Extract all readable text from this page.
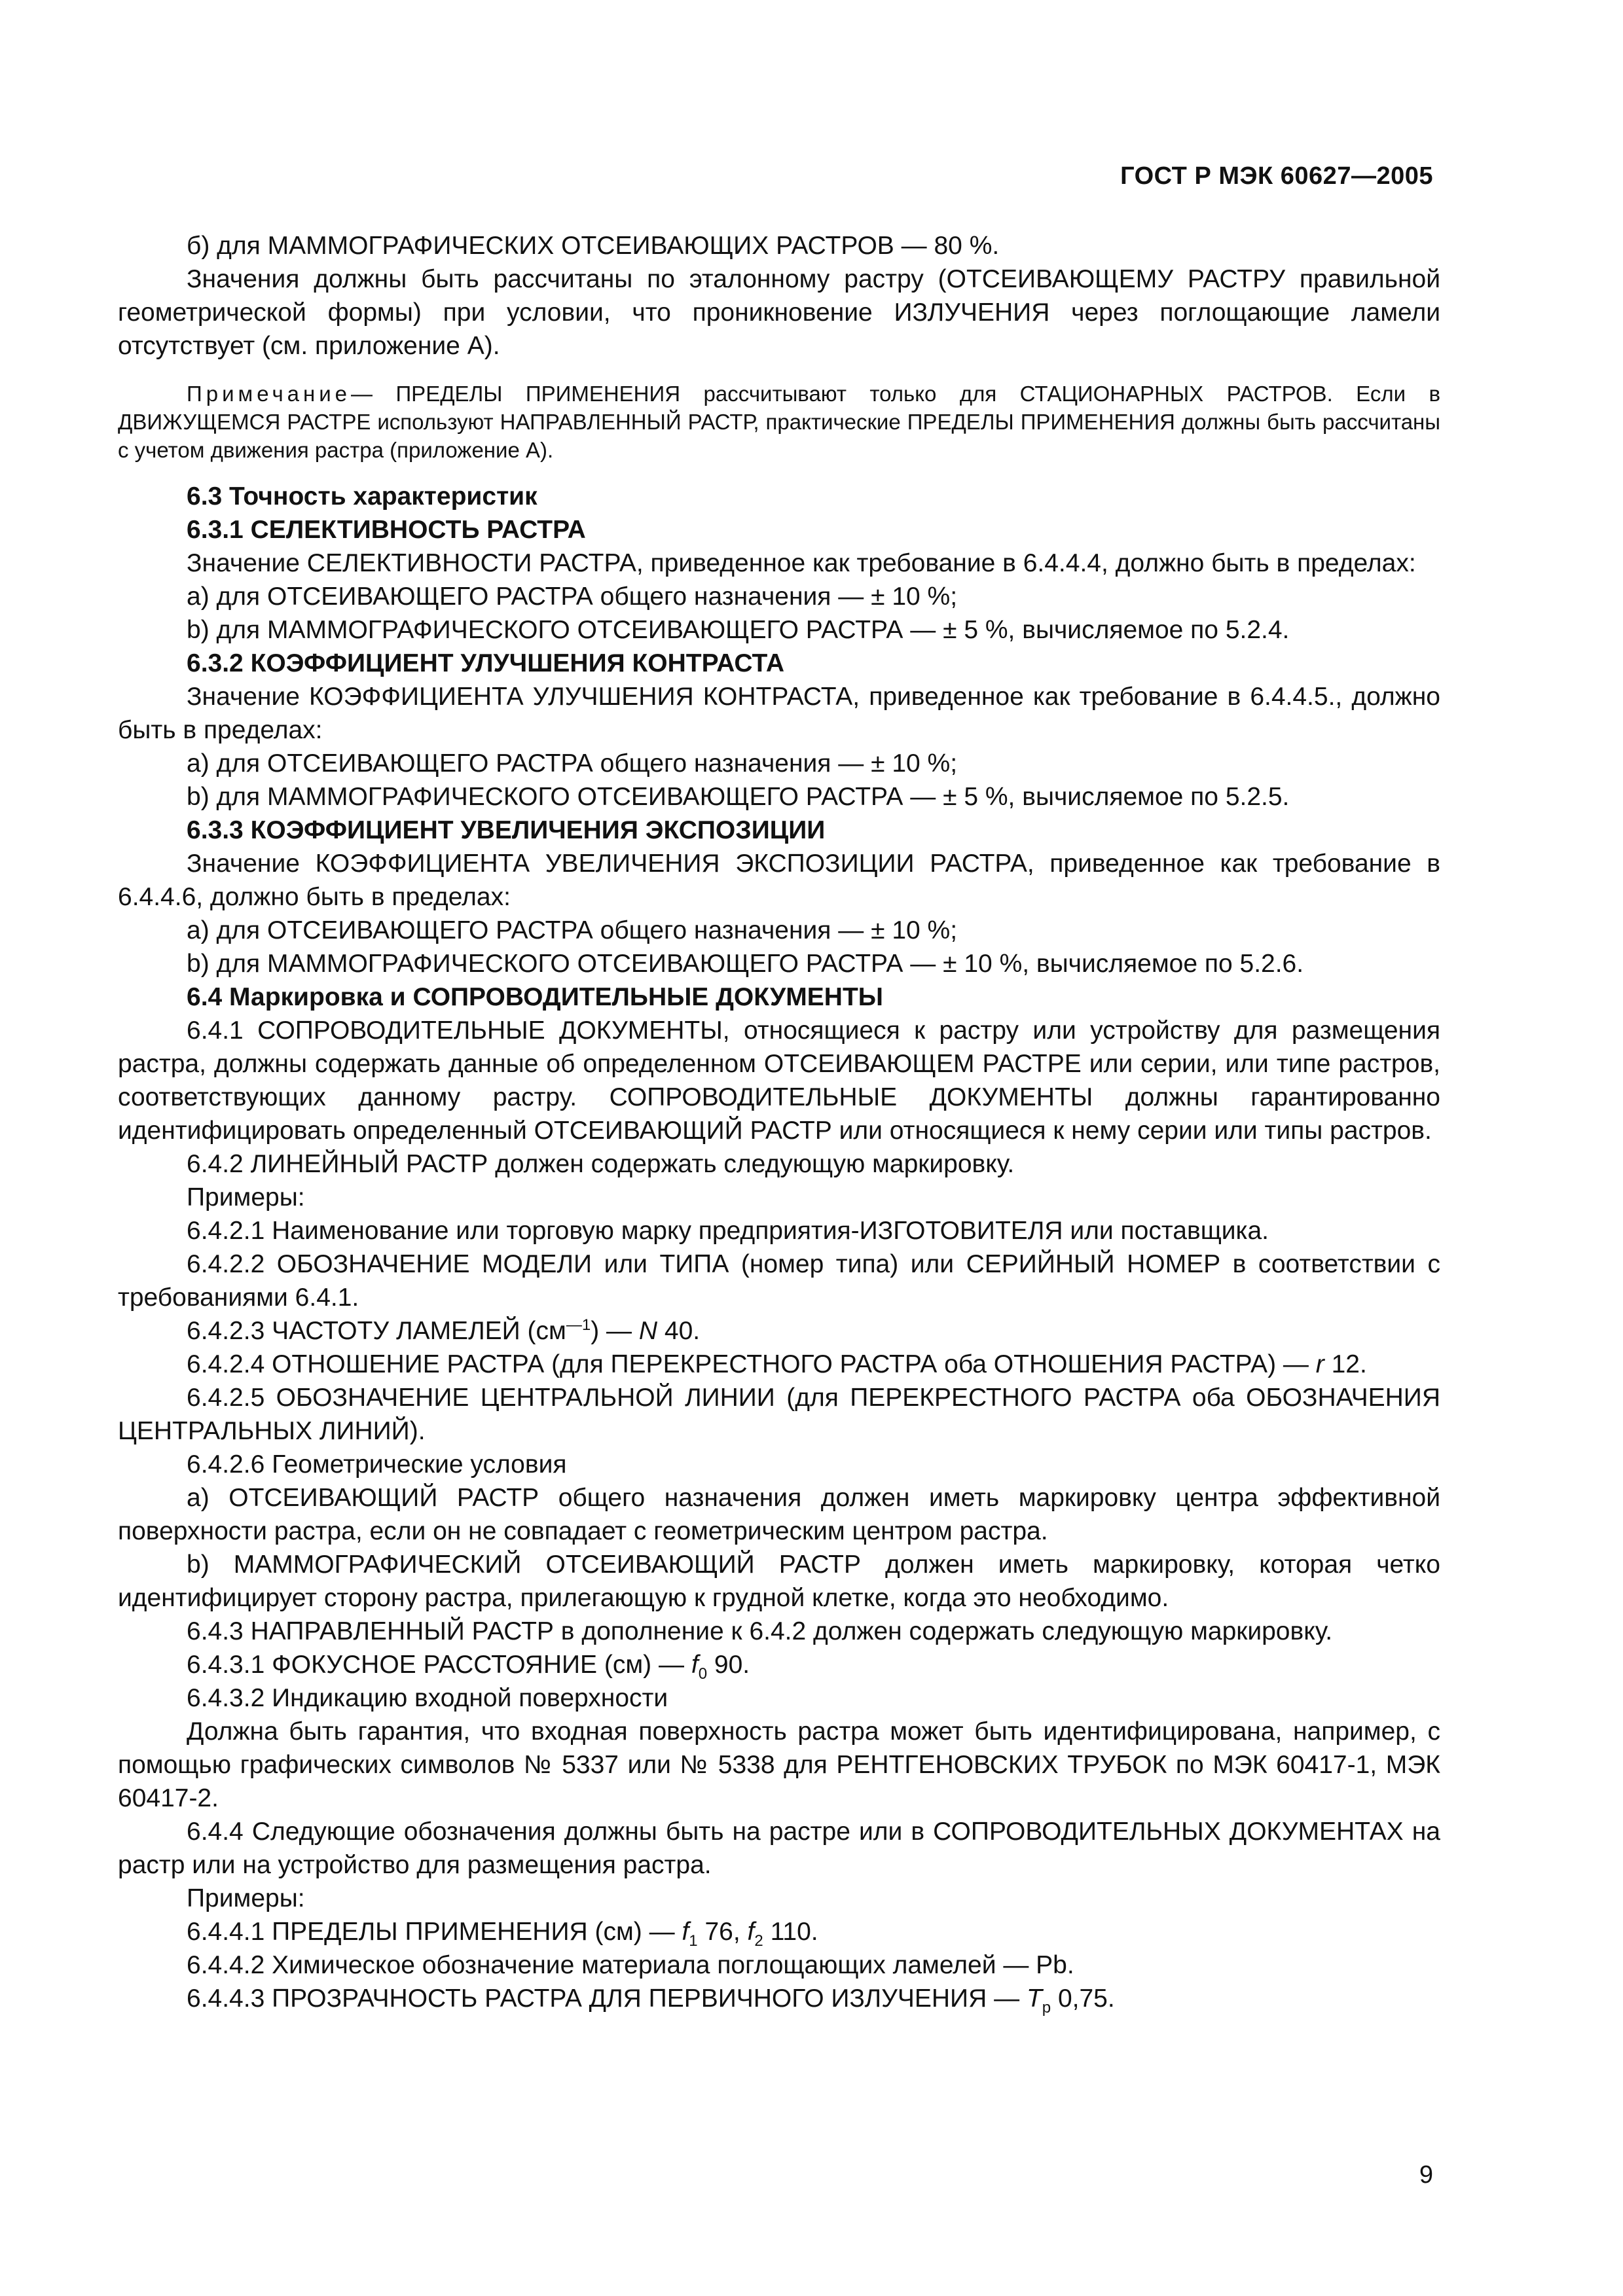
ГОСТ Р МЭК 60627—2005

б) для МАММОГРАФИЧЕСКИХ ОТСЕИВАЮЩИХ РАСТРОВ — 80 %.

Значения должны быть рассчитаны по эталонному растру (ОТСЕИВАЮЩЕМУ РАСТРУ правильной геометрической формы) при условии, что проникновение ИЗЛУЧЕНИЯ через поглощающие ламели отсутствует (см. приложение А).

Примечание— ПРЕДЕЛЫ ПРИМЕНЕНИЯ рассчитывают только для СТАЦИОНАРНЫХ РАСТРОВ. Если в ДВИЖУЩЕМСЯ РАСТРЕ используют НАПРАВЛЕННЫЙ РАСТР, практические ПРЕДЕЛЫ ПРИМЕНЕНИЯ должны быть рассчитаны с учетом движения растра (приложение А).

6.3 Точность характеристик

6.3.1 СЕЛЕКТИВНОСТЬ РАСТРА

Значение СЕЛЕКТИВНОСТИ РАСТРА, приведенное как требование в 6.4.4.4, должно быть в пределах:

а) для ОТСЕИВАЮЩЕГО РАСТРА общего назначения — ± 10 %;

b) для МАММОГРАФИЧЕСКОГО ОТСЕИВАЮЩЕГО РАСТРА — ± 5 %, вычисляемое по 5.2.4.

6.3.2 КОЭФФИЦИЕНТ УЛУЧШЕНИЯ КОНТРАСТА

Значение КОЭФФИЦИЕНТА УЛУЧШЕНИЯ КОНТРАСТА, приведенное как требование в 6.4.4.5., должно быть в пределах:

а) для ОТСЕИВАЮЩЕГО РАСТРА общего назначения — ± 10 %;

b) для МАММОГРАФИЧЕСКОГО ОТСЕИВАЮЩЕГО РАСТРА — ± 5 %, вычисляемое по 5.2.5.

6.3.3 КОЭФФИЦИЕНТ УВЕЛИЧЕНИЯ ЭКСПОЗИЦИИ

Значение КОЭФФИЦИЕНТА УВЕЛИЧЕНИЯ ЭКСПОЗИЦИИ РАСТРА, приведенное как требование в 6.4.4.6, должно быть в пределах:

а) для ОТСЕИВАЮЩЕГО РАСТРА общего назначения — ± 10 %;

b) для МАММОГРАФИЧЕСКОГО ОТСЕИВАЮЩЕГО РАСТРА — ± 10 %, вычисляемое по 5.2.6.

6.4 Маркировка и СОПРОВОДИТЕЛЬНЫЕ ДОКУМЕНТЫ

6.4.1 СОПРОВОДИТЕЛЬНЫЕ ДОКУМЕНТЫ, относящиеся к растру или устройству для размещения растра, должны содержать данные об определенном ОТСЕИВАЮЩЕМ РАСТРЕ или серии, или типе растров, соответствующих данному растру. СОПРОВОДИТЕЛЬНЫЕ ДОКУМЕНТЫ должны гарантированно идентифицировать определенный ОТСЕИВАЮЩИЙ РАСТР или относящиеся к нему серии или типы растров.

6.4.2 ЛИНЕЙНЫЙ РАСТР должен содержать следующую маркировку.

Примеры:

6.4.2.1 Наименование или торговую марку предприятия-ИЗГОТОВИТЕЛЯ или поставщика.

6.4.2.2 ОБОЗНАЧЕНИЕ МОДЕЛИ или ТИПА (номер типа) или СЕРИЙНЫЙ НОМЕР в соответствии с требованиями 6.4.1.

6.4.2.3 ЧАСТОТУ ЛАМЕЛЕЙ $(см^{—1})$ — N 40.

6.4.2.4 ОТНОШЕНИЕ РАСТРА (для ПЕРЕКРЕСТНОГО РАСТРА оба ОТНОШЕНИЯ РАСТРА) — r 12.

6.4.2.5 ОБОЗНАЧЕНИЕ ЦЕНТРАЛЬНОЙ ЛИНИИ (для ПЕРЕКРЕСТНОГО РАСТРА оба ОБОЗНАЧЕНИЯ ЦЕНТРАЛЬНЫХ ЛИНИЙ).

6.4.2.6 Геометрические условия

а) ОТСЕИВАЮЩИЙ РАСТР общего назначения должен иметь маркировку центра эффективной поверхности растра, если он не совпадает с геометрическим центром растра.

b) МАММОГРАФИЧЕСКИЙ ОТСЕИВАЮЩИЙ РАСТР должен иметь маркировку, которая четко идентифицирует сторону растра, прилегающую к грудной клетке, когда это необходимо.

6.4.3 НАПРАВЛЕННЫЙ РАСТР в дополнение к 6.4.2 должен содержать следующую маркировку.

6.4.3.1 ФОКУСНОЕ РАССТОЯНИЕ (см) — $f_0$ 90.

6.4.3.2 Индикацию входной поверхности

Должна быть гарантия, что входная поверхность растра может быть идентифицирована, например, с помощью графических символов № 5337 или № 5338 для РЕНТГЕНОВСКИХ ТРУБОК по МЭК 60417-1, МЭК 60417-2.

6.4.4 Следующие обозначения должны быть на растре или в СОПРОВОДИТЕЛЬНЫХ ДОКУМЕНТАХ на растр или на устройство для размещения растра.

Примеры:

6.4.4.1 ПРЕДЕЛЫ ПРИМЕНЕНИЯ (см) — $f_1$ 76, $f_2$ 110.

6.4.4.2 Химическое обозначение материала поглощающих ламелей — Pb.

6.4.4.3 ПРОЗРАЧНОСТЬ РАСТРА ДЛЯ ПЕРВИЧНОГО ИЗЛУЧЕНИЯ — $T_p$ 0,75.

9
